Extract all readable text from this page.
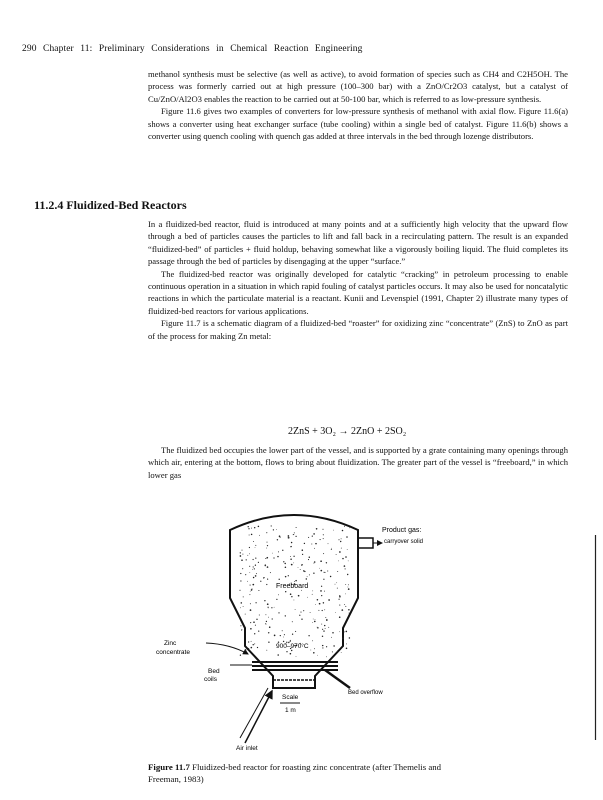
290 Chapter 11: Preliminary Considerations in Chemical Reaction Engineering

methanol synthesis must be selective (as well as active), to avoid formation of species such as CH4 and C2H5OH. The process was formerly carried out at high pressure (100–300 bar) with a ZnO/Cr2O3 catalyst, but a catalyst of Cu/ZnO/Al2O3 enables the reaction to be carried out at 50-100 bar, which is referred to as low-pressure synthesis.

Figure 11.6 gives two examples of converters for low-pressure synthesis of methanol with axial flow. Figure 11.6(a) shows a converter using heat exchanger surface (tube cooling) within a single bed of catalyst. Figure 11.6(b) shows a converter using quench cooling with quench gas added at three intervals in the bed through lozenge distributors.

11.2.4 Fluidized-Bed Reactors

In a fluidized-bed reactor, fluid is introduced at many points and at a sufficiently high velocity that the upward flow through a bed of particles causes the particles to lift and fall back in a recirculating pattern. The result is an expanded “fluidized-bed” of particles + fluid holdup, behaving somewhat like a vigorously boiling liquid. The fluid completes its passage through the bed of particles by disengaging at the upper “surface.”

The fluidized-bed reactor was originally developed for catalytic “cracking” in petroleum processing to enable continuous operation in a situation in which rapid fouling of catalyst particles occurs. It may also be used for noncatalytic reactions in which the particulate material is a reactant. Kunii and Levenspiel (1991, Chapter 2) illustrate many types of fluidized-bed reactors for various applications.

Figure 11.7 is a schematic diagram of a fluidized-bed “roaster” for oxidizing zinc “concentrate” (ZnS) to ZnO as part of the process for making Zn metal:

2ZnS + 3O₂ → 2ZnO + 2SO₂

The fluidized bed occupies the lower part of the vessel, and is supported by a grate containing many openings through which air, entering at the bottom, flows to bring about fluidization. The greater part of the vessel is “freeboard,” in which lower gas

Product gas:
carryover solid
Freeboard
Zinc
concentrate
900–970°C
Bed
coils
Bed overflow
Scale
1 m
Air inlet
Figure 11.7 Fluidized-bed reactor for roasting zinc concentrate (after Themelis and Freeman, 1983)
